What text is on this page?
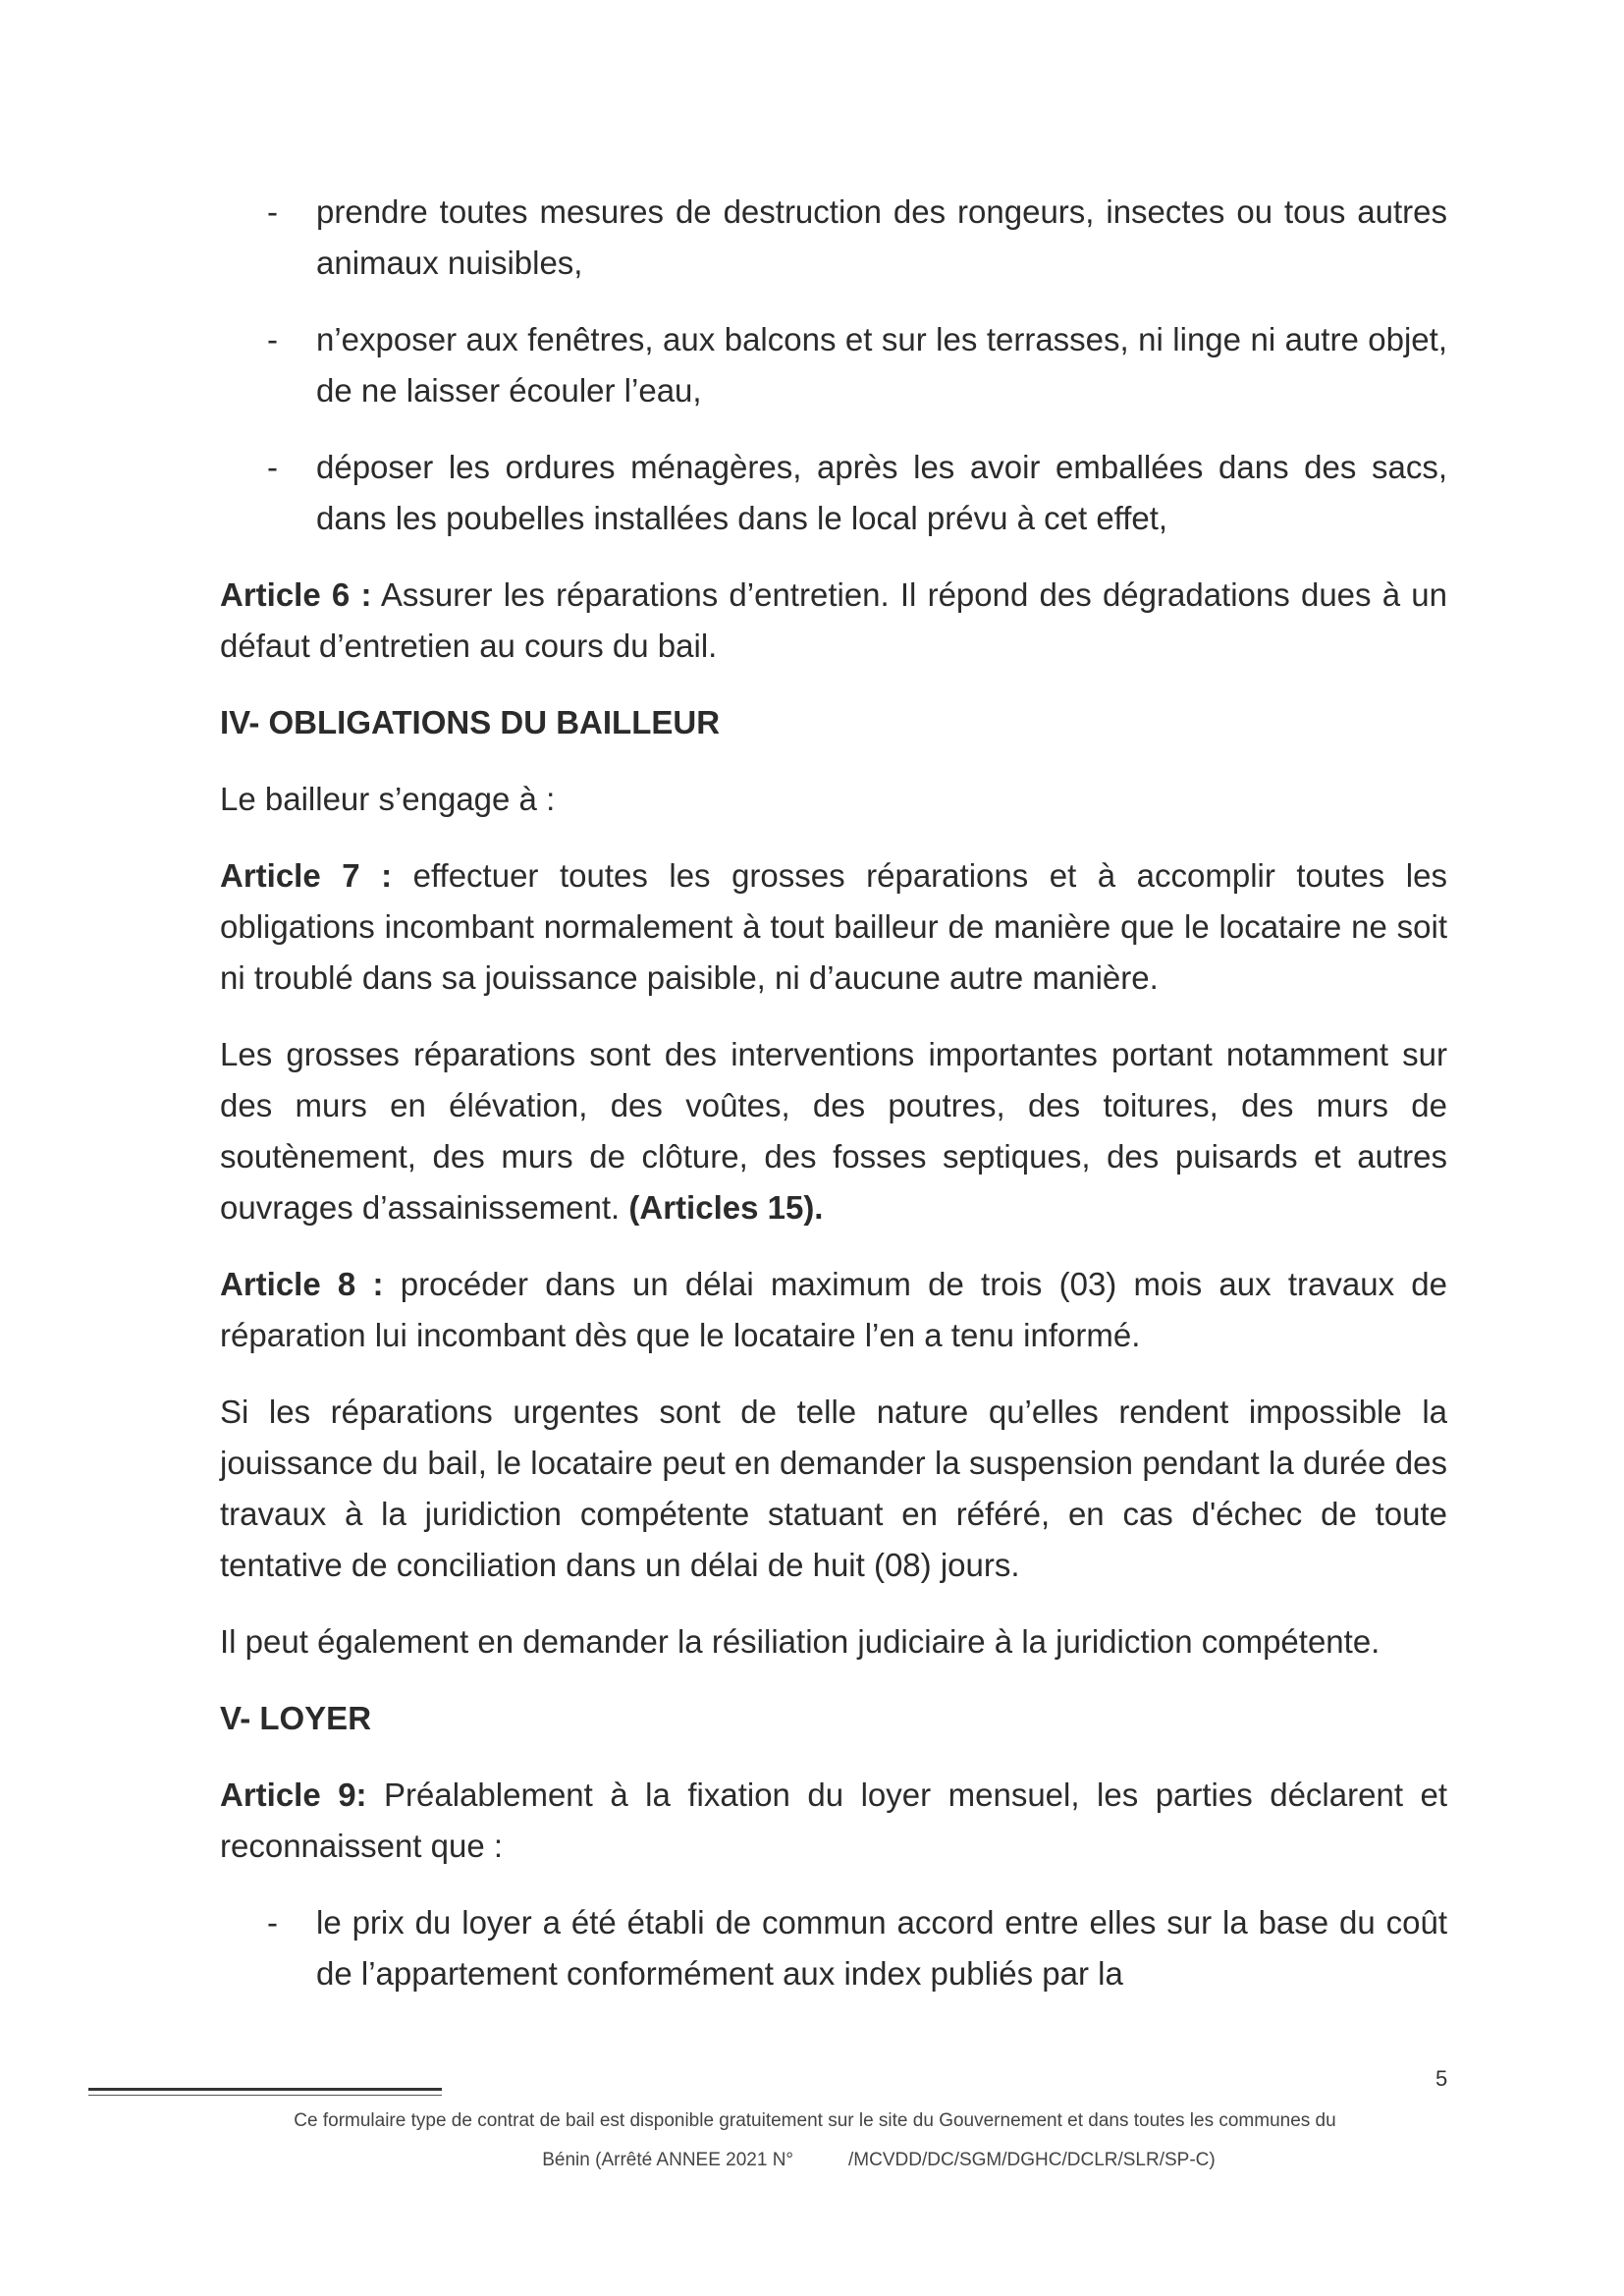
-	prendre toutes mesures de destruction des rongeurs, insectes ou tous autres animaux nuisibles,
-	n’exposer aux fenêtres, aux balcons et sur les terrasses, ni linge ni autre objet, de ne laisser écouler l’eau,
-	déposer les ordures ménagères, après les avoir emballées dans des sacs, dans les poubelles installées dans le local prévu à cet effet,

Article 6 : Assurer les réparations d’entretien. Il répond des dégradations dues à un défaut d’entretien au cours du bail.

IV- OBLIGATIONS DU BAILLEUR

Le bailleur s’engage à :

Article 7 : effectuer toutes les grosses réparations et à accomplir toutes les obligations incombant normalement à tout bailleur de manière que le locataire ne soit ni troublé dans sa jouissance paisible, ni d’aucune autre manière.

Les grosses réparations sont des interventions importantes portant notamment sur des murs en élévation, des voûtes, des poutres, des toitures, des murs de soutènement, des murs de clôture, des fosses septiques, des puisards et autres ouvrages d’assainissement. (Articles 15).

Article 8 : procéder dans un délai maximum de trois (03) mois aux travaux de réparation lui incombant dès que le locataire l’en a tenu informé.

Si les réparations urgentes sont de telle nature qu’elles rendent impossible la jouissance du bail, le locataire peut en demander la suspension pendant la durée des travaux à la juridiction compétente statuant en référé, en cas d'échec de toute tentative de conciliation dans un délai de huit (08) jours.

Il peut également en demander la résiliation judiciaire à la juridiction compétente.

V- LOYER

Article 9: Préalablement à la fixation du loyer mensuel, les parties déclarent et reconnaissent que :

-	le prix du loyer a été établi de commun accord entre elles sur la base du coût de l’appartement conformément aux index publiés par la
5
Ce formulaire type de contrat de bail est disponible gratuitement sur le site du Gouvernement et dans toutes les communes du
Bénin (Arrêté ANNEE 2021 N°	/MCVDD/DC/SGM/DGHC/DCLR/SLR/SP-C)
